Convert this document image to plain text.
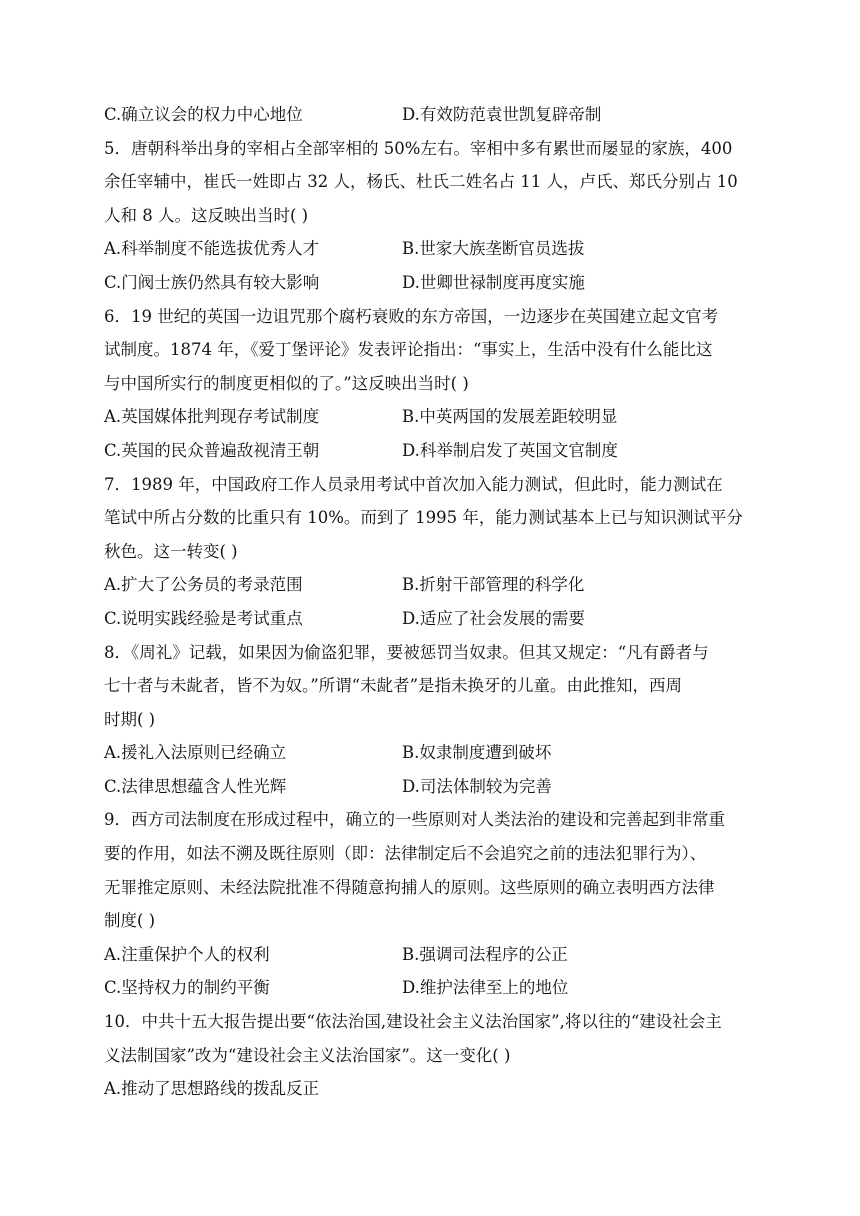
C.确立议会的权力中心地位	D.有效防范袁世凯复辟帝制
5．唐朝科举出身的宰相占全部宰相的 50%左右。宰相中多有累世而屡显的家族，400
余任宰辅中，崔氏一姓即占 32 人，杨氏、杜氏二姓名占 11 人，卢氏、郑氏分别占 10
人和 8 人。这反映出当时( )
A.科举制度不能选拔优秀人才	B.世家大族垄断官员选拔
C.门阀士族仍然具有较大影响	D.世卿世禄制度再度实施
6．19 世纪的英国一边诅咒那个腐朽衰败的东方帝国，一边逐步在英国建立起文官考
试制度。1874 年，《爱丁堡评论》发表评论指出：“事实上，生活中没有什么能比这
与中国所实行的制度更相似的了。”这反映出当时( )
A.英国媒体批判现存考试制度	B.中英两国的发展差距较明显
C.英国的民众普遍敌视清王朝	D.科举制启发了英国文官制度
7．1989 年，中国政府工作人员录用考试中首次加入能力测试，但此时，能力测试在
笔试中所占分数的比重只有 10%。而到了 1995 年，能力测试基本上已与知识测试平分
秋色。这一转变( )
A.扩大了公务员的考录范围	B.折射干部管理的科学化
C.说明实践经验是考试重点	D.适应了社会发展的需要
8．《周礼》记载，如果因为偷盗犯罪，要被惩罚当奴隶。但其又规定：“凡有爵者与
七十者与未龀者，皆不为奴。”所谓“未龀者”是指未换牙的儿童。由此推知，西周
时期( )
A.援礼入法原则已经确立	B.奴隶制度遭到破坏
C.法律思想蕴含人性光辉	D.司法体制较为完善
9．西方司法制度在形成过程中，确立的一些原则对人类法治的建设和完善起到非常重
要的作用，如法不溯及既往原则（即：法律制定后不会追究之前的违法犯罪行为）、
无罪推定原则、未经法院批准不得随意拘捕人的原则。这些原则的确立表明西方法律
制度( )
A.注重保护个人的权利	B.强调司法程序的公正
C.坚持权力的制约平衡	D.维护法律至上的地位
10．中共十五大报告提出要“依法治国,建设社会主义法治国家”,将以往的“建设社会主
义法制国家”改为“建设社会主义法治国家”。这一变化( )
A.推动了思想路线的拨乱反正
